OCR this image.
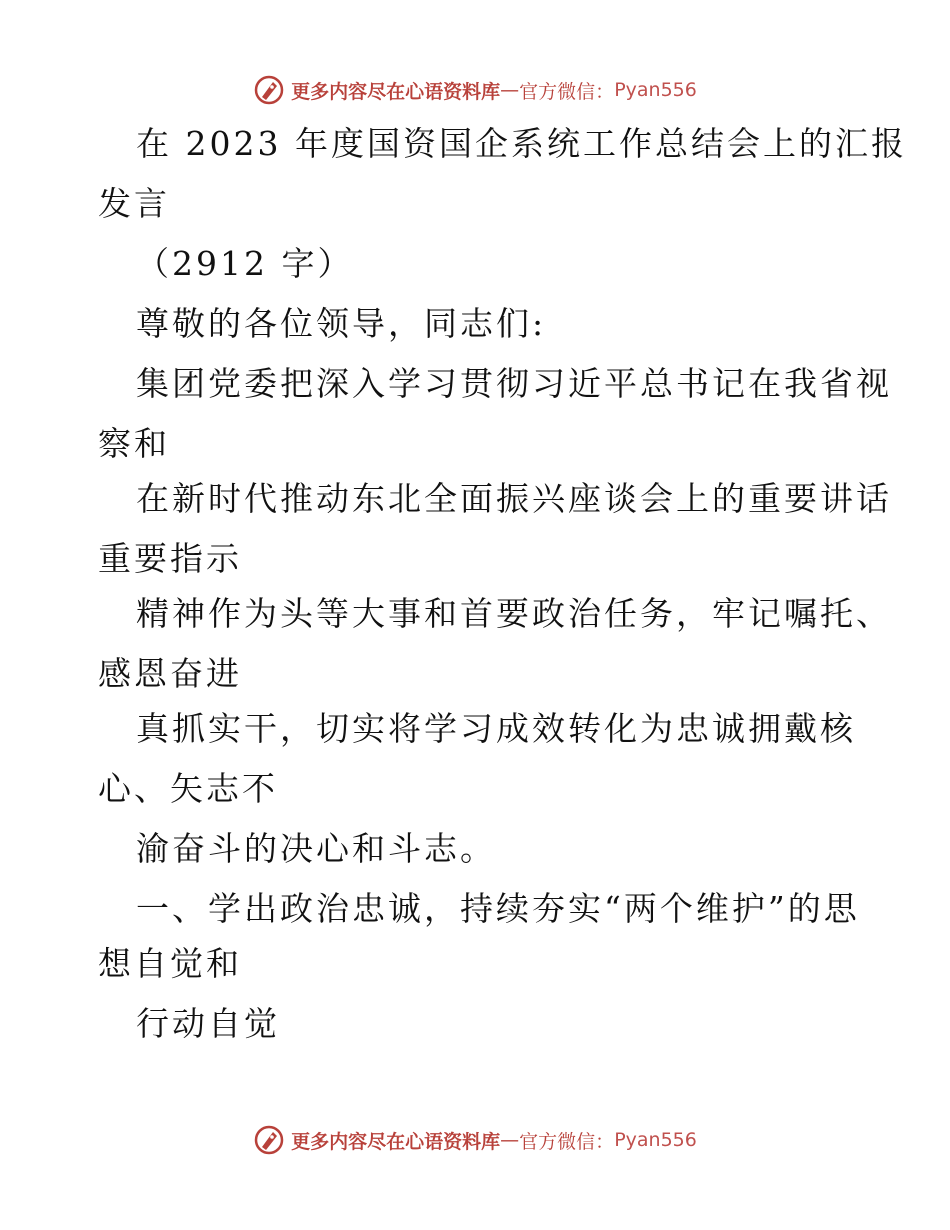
更多内容尽在心语资料库 — 官方微信： Pyan556
在 2023 年度国资国企系统工作总结会上的汇报
发言
（2912 字）
尊敬的各位领导，同志们:
集团党委把深入学习贯彻习近平总书记在我省视
察和
在新时代推动东北全面振兴座谈会上的重要讲话
重要指示
精神作为头等大事和首要政治任务，牢记嘱托、
感恩奋进
真抓实干，切实将学习成效转化为忠诚拥戴核
心、矢志不
渝奋斗的决心和斗志。
一、学出政治忠诚，持续夯实“两个维护”的思
想自觉和
行动自觉
更多内容尽在心语资料库 — 官方微信： Pyan556
